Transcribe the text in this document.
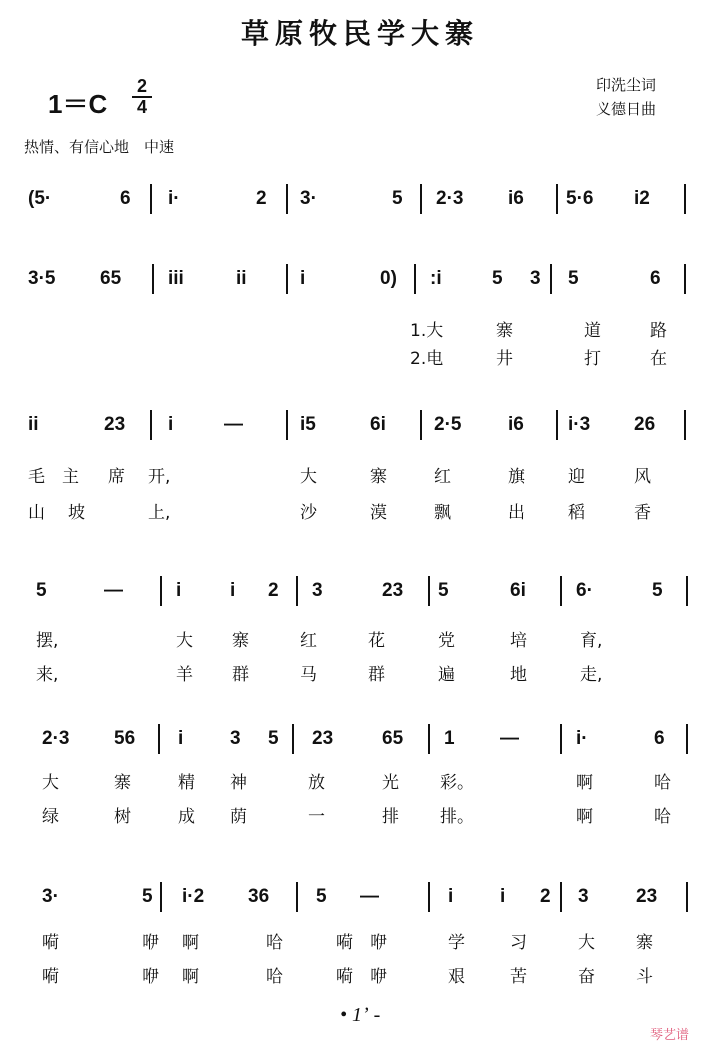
草原牧民学大寨
1＝C
2
4
印洗尘词
义德日曲
热情、有信心地　中速
(5·	6 i·	2 3·	5 2·3 i6 5·6 i2
3·5 65 iii	ii	i	0) :i	5 3 5	6
ii	23 i	—	i5	6i	2·5 i6 i·3 26
5	—	i	i 2 3	23 5	6i	6·	5
2·3 56 i 3 5 23	65 1 —	i·	6
3·	5 i·2 36 5 —	i i 2 3 23
1.大	寨	道	路
2.电	井	打	在
毛 主 席 开,	大	寨	红	旗	迎	风
山 坡	上,	沙	漠	飘	出	稻	香
摆,	大 寨	红	花	党	培	育,
来,	羊 群	马	群	遍	地	走,
大	寨	精 神	放	光 彩。	啊	哈
绿	树	成 荫	一	排 排。	啊	哈
嗬	咿 啊	哈	嗬 咿	学	习	大 寨
嗬	咿 啊	哈	嗬 咿	艰	苦	奋 斗
• 1ʼ -
琴艺谱
